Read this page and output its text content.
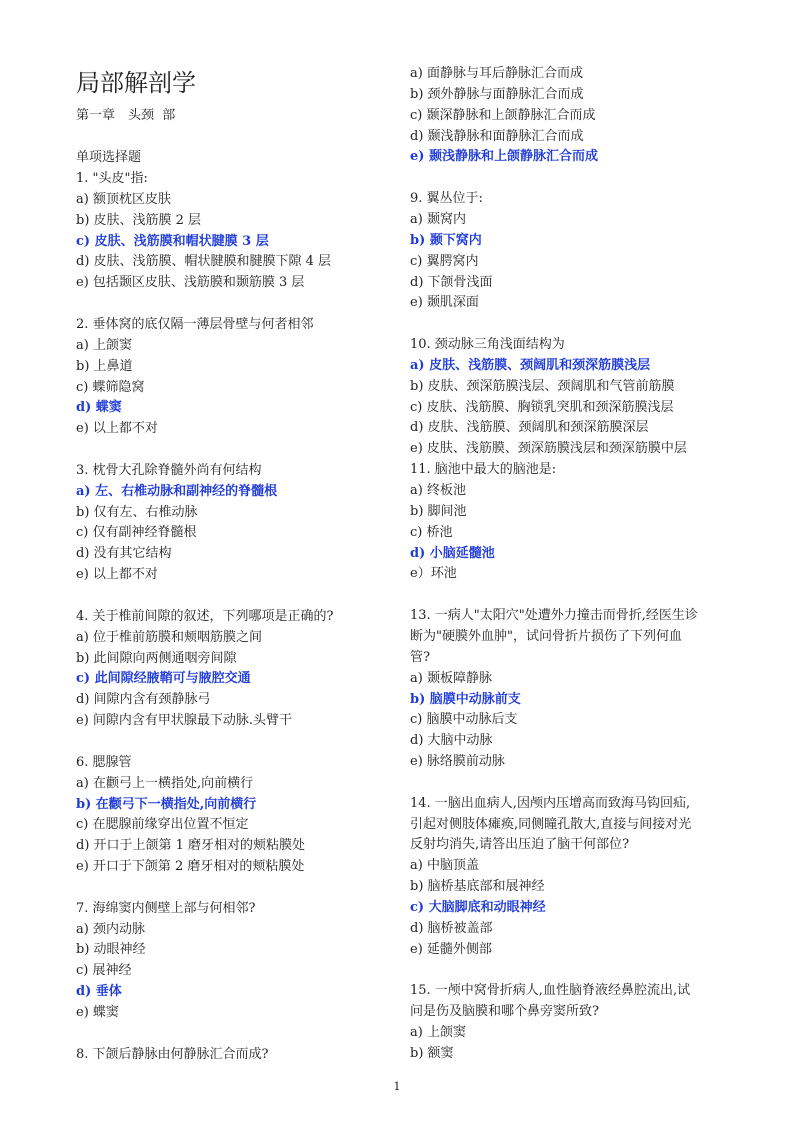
局部解剖学
第一章　头颈  部
单项选择题
1. "头皮"指:
a) 额顶枕区皮肤
b) 皮肤、浅筋膜 2 层
c) 皮肤、浅筋膜和帽状腱膜 3 层
d) 皮肤、浅筋膜、帽状腱膜和腱膜下隙 4 层
e) 包括颞区皮肤、浅筋膜和颞筋膜 3 层
2. 垂体窝的底仅隔一薄层骨壁与何者相邻
a) 上颌窦
b) 上鼻道
c) 蝶筛隐窝
d) 蝶窦
e) 以上都不对
3. 枕骨大孔除脊髓外尚有何结构
a) 左、右椎动脉和副神经的脊髓根
b) 仅有左、右椎动脉
c) 仅有副神经脊髓根
d) 没有其它结构
e) 以上都不对
4. 关于椎前间隙的叙述，下列哪项是正确的?
a) 位于椎前筋膜和颊咽筋膜之间
b) 此间隙向两侧通咽旁间隙
c) 此间隙经腋鞘可与腋腔交通
d) 间隙内含有颈静脉弓
e) 间隙内含有甲状腺最下动脉.头臂干
6. 腮腺管
a) 在颧弓上一横指处,向前横行
b) 在颧弓下一横指处,向前横行
c) 在腮腺前缘穿出位置不恒定
d) 开口于上颌第 1 磨牙相对的颊粘膜处
e) 开口于下颌第 2 磨牙相对的颊粘膜处
7. 海绵窦内侧壁上部与何相邻?
a) 颈内动脉
b) 动眼神经
c) 展神经
d) 垂体
e) 蝶窦
8. 下颌后静脉由何静脉汇合而成?
a) 面静脉与耳后静脉汇合而成
b) 颈外静脉与面静脉汇合而成
c) 颞深静脉和上颌静脉汇合而成
d) 颞浅静脉和面静脉汇合而成
e) 颞浅静脉和上颌静脉汇合而成
9. 翼丛位于:
a) 颞窝内
b) 颞下窝内
c) 翼腭窝内
d) 下颌骨浅面
e) 颞肌深面
10. 颈动脉三角浅面结构为
a) 皮肤、浅筋膜、颈阔肌和颈深筋膜浅层
b) 皮肤、颈深筋膜浅层、颈阔肌和气管前筋膜
c) 皮肤、浅筋膜、胸锁乳突肌和颈深筋膜浅层
d) 皮肤、浅筋膜、颈阔肌和颈深筋膜深层
e) 皮肤、浅筋膜、颈深筋膜浅层和颈深筋膜中层
11. 脑池中最大的脑池是:
a) 终板池
b) 脚间池
c) 桥池
d) 小脑延髓池
e）环池
13. 一病人"太阳穴"处遭外力撞击而骨折,经医生诊
断为"硬膜外血肿"，试问骨折片损伤了下列何血
管?
a) 颞板障静脉
b) 脑膜中动脉前支
c) 脑膜中动脉后支
d) 大脑中动脉
e) 脉络膜前动脉
14. 一脑出血病人,因颅内压增高而致海马钩回疝,
引起对侧肢体瘫痪,同侧瞳孔散大,直接与间接对光
反射均消失,请答出压迫了脑干何部位?
a) 中脑顶盖
b) 脑桥基底部和展神经
c) 大脑脚底和动眼神经
d) 脑桥被盖部
e) 延髓外侧部
15. 一颅中窝骨折病人,血性脑脊液经鼻腔流出,试
问是伤及脑膜和哪个鼻旁窦所致?
a) 上颌窦
b) 额窦
1
